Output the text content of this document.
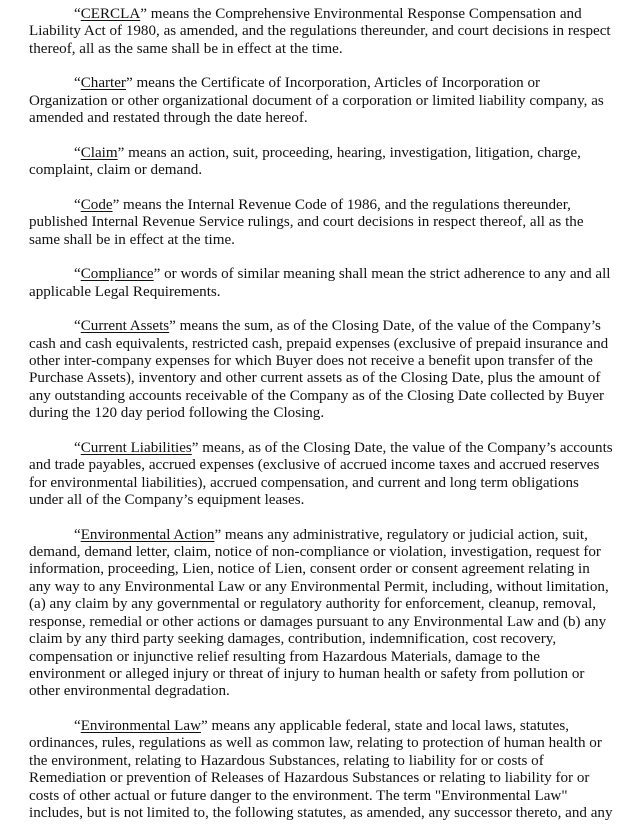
“CERCLA” means the Comprehensive Environmental Response Compensation and Liability Act of 1980, as amended, and the regulations thereunder, and court decisions in respect thereof, all as the same shall be in effect at the time.

“Charter” means the Certificate of Incorporation, Articles of Incorporation or Organization or other organizational document of a corporation or limited liability company, as amended and restated through the date hereof.

“Claim” means an action, suit, proceeding, hearing, investigation, litigation, charge, complaint, claim or demand.

“Code” means the Internal Revenue Code of 1986, and the regulations thereunder, published Internal Revenue Service rulings, and court decisions in respect thereof, all as the same shall be in effect at the time.

“Compliance” or words of similar meaning shall mean the strict adherence to any and all applicable Legal Requirements.

“Current Assets” means the sum, as of the Closing Date, of the value of the Company’s cash and cash equivalents, restricted cash, prepaid expenses (exclusive of prepaid insurance and other inter-company expenses for which Buyer does not receive a benefit upon transfer of the Purchase Assets), inventory and other current assets as of the Closing Date, plus the amount of any outstanding accounts receivable of the Company as of the Closing Date collected by Buyer during the 120 day period following the Closing.

“Current Liabilities” means, as of the Closing Date, the value of the Company’s accounts and trade payables, accrued expenses (exclusive of accrued income taxes and accrued reserves for environmental liabilities), accrued compensation, and current and long term obligations under all of the Company’s equipment leases.

“Environmental Action” means any administrative, regulatory or judicial action, suit, demand, demand letter, claim, notice of non-compliance or violation, investigation, request for information, proceeding, Lien, notice of Lien, consent order or consent agreement relating in any way to any Environmental Law or any Environmental Permit, including, without limitation, (a) any claim by any governmental or regulatory authority for enforcement, cleanup, removal, response, remedial or other actions or damages pursuant to any Environmental Law and (b) any claim by any third party seeking damages, contribution, indemnification, cost recovery, compensation or injunctive relief resulting from Hazardous Materials, damage to the environment or alleged injury or threat of injury to human health or safety from pollution or other environmental degradation.

“Environmental Law” means any applicable federal, state and local laws, statutes, ordinances, rules, regulations as well as common law, relating to protection of human health or the environment, relating to Hazardous Substances, relating to liability for or costs of Remediation or prevention of Releases of Hazardous Substances or relating to liability for or costs of other actual or future danger to the environment. The term "Environmental Law" includes, but is not limited to, the following statutes, as amended, any successor thereto, and any
